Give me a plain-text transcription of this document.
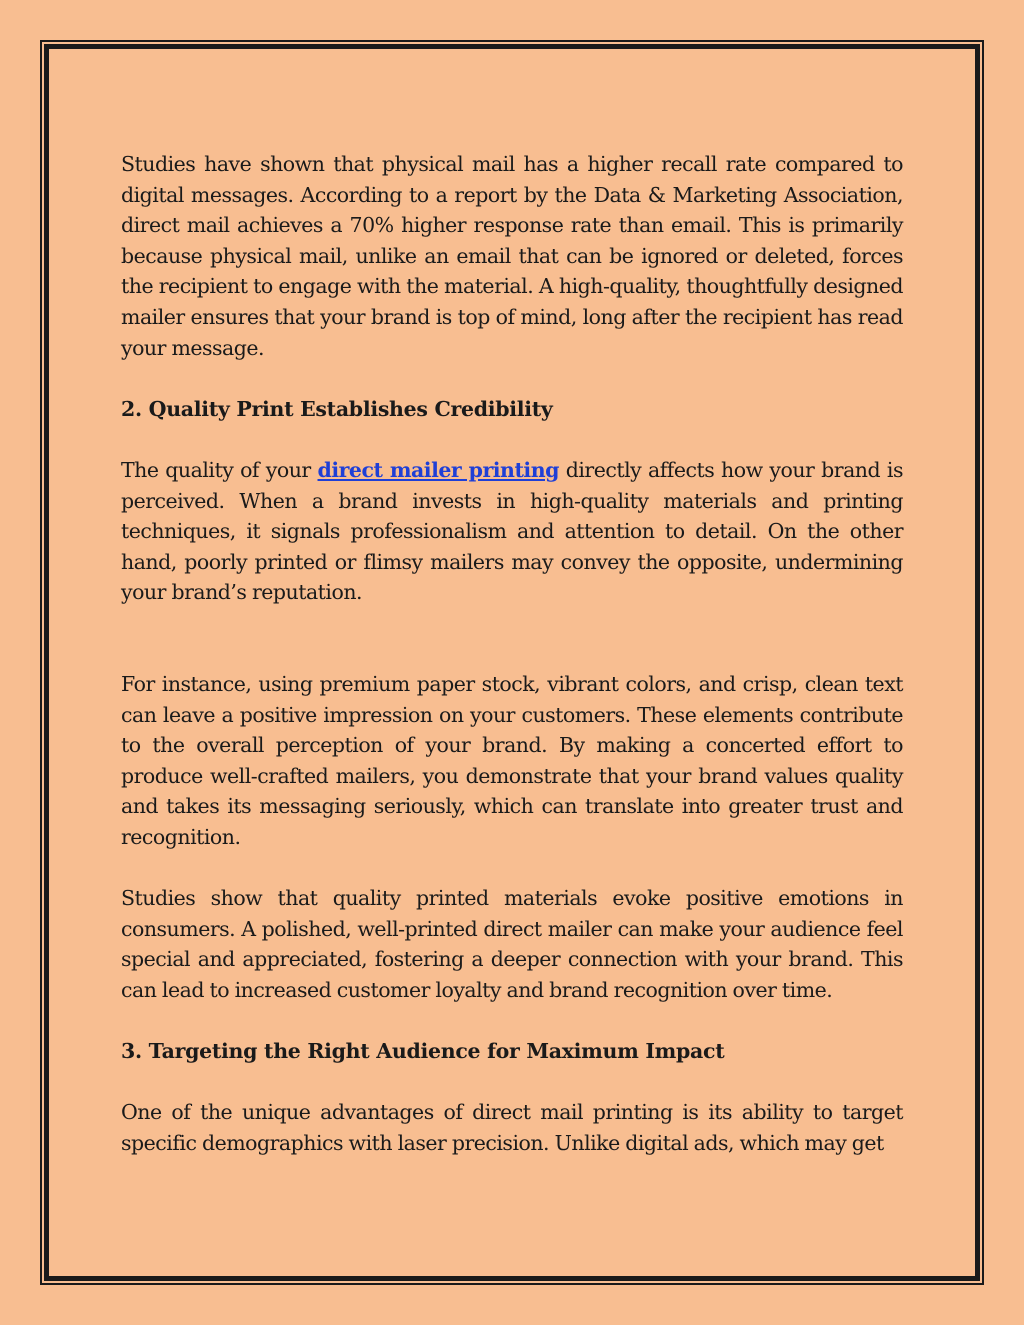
Studies have shown that physical mail has a higher recall rate compared to digital messages. According to a report by the Data & Marketing Association, direct mail achieves a 70% higher response rate than email. This is primarily because physical mail, unlike an email that can be ignored or deleted, forces the recipient to engage with the material. A high-quality, thoughtfully designed mailer ensures that your brand is top of mind, long after the recipient has read your message.

2. Quality Print Establishes Credibility

The quality of your direct mailer printing directly affects how your brand is perceived. When a brand invests in high-quality materials and printing techniques, it signals professionalism and attention to detail. On the other hand, poorly printed or flimsy mailers may convey the opposite, undermining your brand’s reputation.

For instance, using premium paper stock, vibrant colors, and crisp, clean text can leave a positive impression on your customers. These elements contribute to the overall perception of your brand. By making a concerted effort to produce well-crafted mailers, you demonstrate that your brand values quality and takes its messaging seriously, which can translate into greater trust and recognition.

Studies show that quality printed materials evoke positive emotions in consumers. A polished, well-printed direct mailer can make your audience feel special and appreciated, fostering a deeper connection with your brand. This can lead to increased customer loyalty and brand recognition over time.

3. Targeting the Right Audience for Maximum Impact

One of the unique advantages of direct mail printing is its ability to target specific demographics with laser precision. Unlike digital ads, which may get
